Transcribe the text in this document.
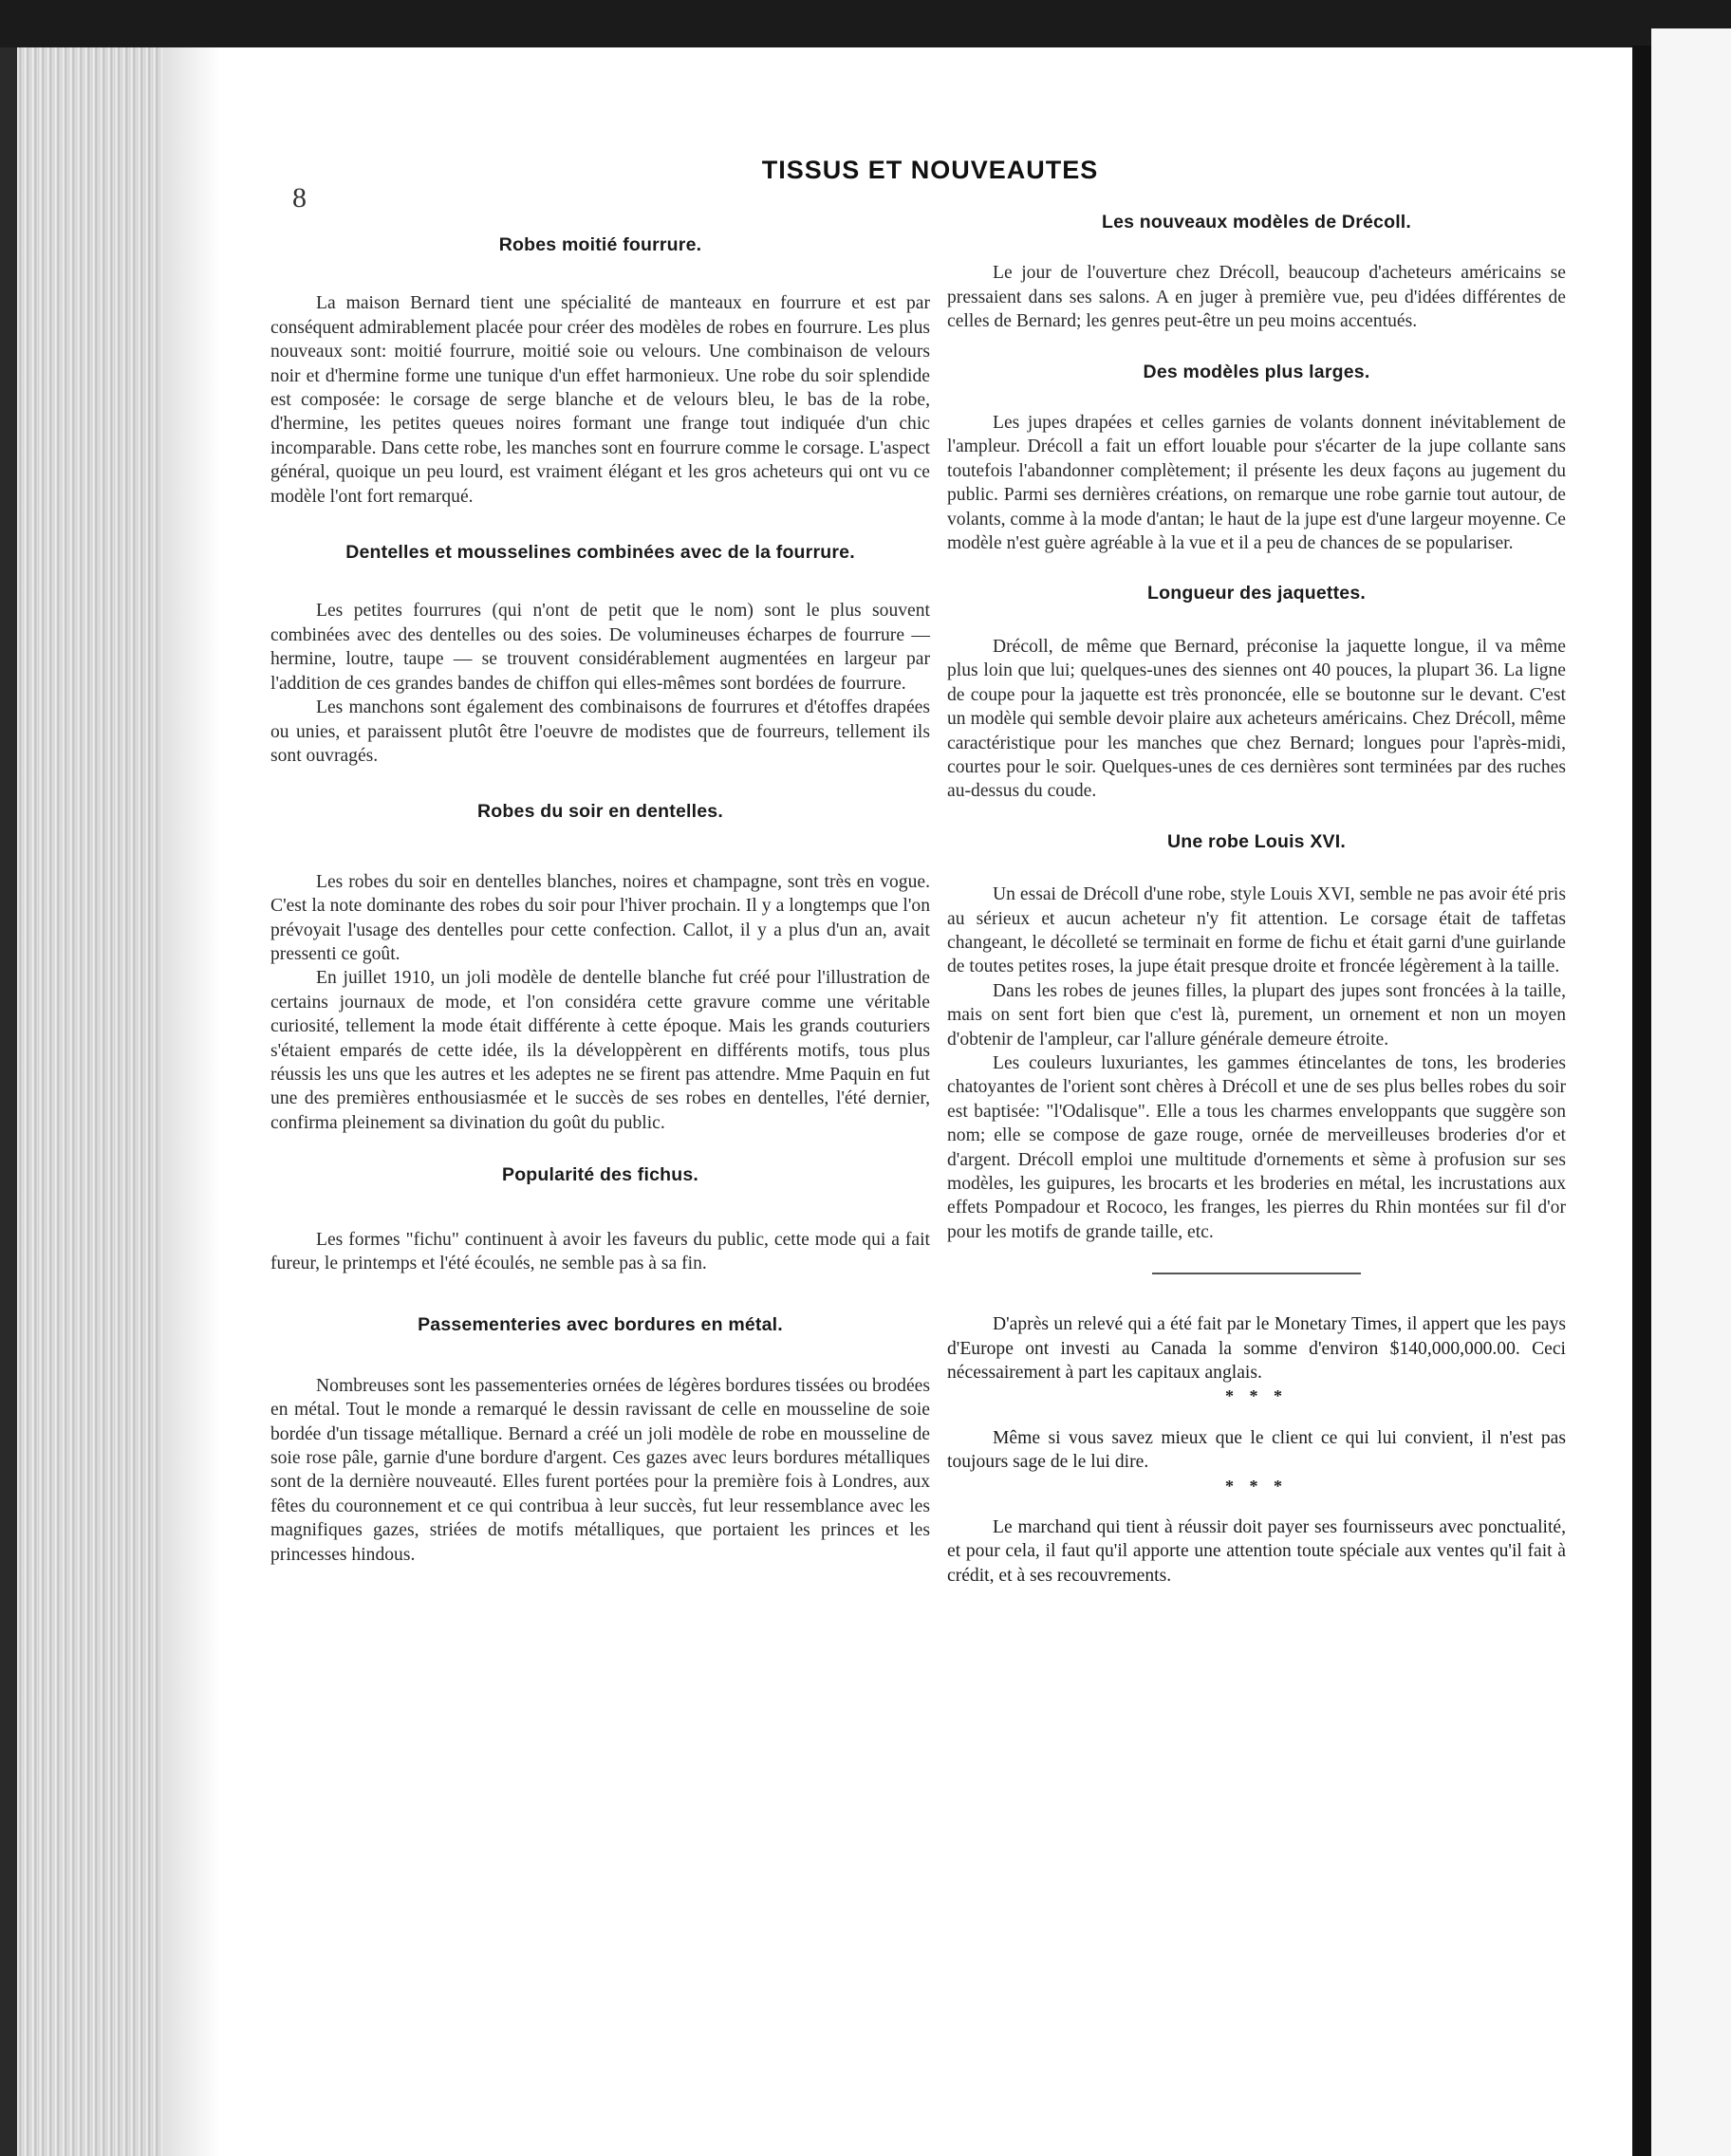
8
TISSUS ET NOUVEAUTES
Robes moitié fourrure.

La maison Bernard tient une spécialité de manteaux en fourrure et est par conséquent admirablement placée pour créer des modèles de robes en fourrure. Les plus nouveaux sont: moitié fourrure, moitié soie ou velours. Une combinaison de velours noir et d'hermine forme une tunique d'un effet harmonieux. Une robe du soir splendide est composée: le corsage de serge blanche et de velours bleu, le bas de la robe, d'hermine, les petites queues noires formant une frange tout indiquée d'un chic incomparable. Dans cette robe, les manches sont en fourrure comme le corsage. L'aspect général, quoique un peu lourd, est vraiment élégant et les gros acheteurs qui ont vu ce modèle l'ont fort remarqué.

Dentelles et mousselines combinées avec de la fourrure.

Les petites fourrures (qui n'ont de petit que le nom) sont le plus souvent combinées avec des dentelles ou des soies. De volumineuses écharpes de fourrure — hermine, loutre, taupe — se trouvent considérablement augmentées en largeur par l'addition de ces grandes bandes de chiffon qui elles-mêmes sont bordées de fourrure.

Les manchons sont également des combinaisons de fourrures et d'étoffes drapées ou unies, et paraissent plutôt être l'oeuvre de modistes que de fourreurs, tellement ils sont ouvragés.

Robes du soir en dentelles.

Les robes du soir en dentelles blanches, noires et champagne, sont très en vogue. C'est la note dominante des robes du soir pour l'hiver prochain. Il y a longtemps que l'on prévoyait l'usage des dentelles pour cette confection. Callot, il y a plus d'un an, avait pressenti ce goût.

En juillet 1910, un joli modèle de dentelle blanche fut créé pour l'illustration de certains journaux de mode, et l'on considéra cette gravure comme une véritable curiosité, tellement la mode était différente à cette époque. Mais les grands couturiers s'étaient emparés de cette idée, ils la développèrent en différents motifs, tous plus réussis les uns que les autres et les adeptes ne se firent pas attendre. Mme Paquin en fut une des premières enthousiasmée et le succès de ses robes en dentelles, l'été dernier, confirma pleinement sa divination du goût du public.

Popularité des fichus.

Les formes "fichu" continuent à avoir les faveurs du public, cette mode qui a fait fureur, le printemps et l'été écoulés, ne semble pas à sa fin.

Passementeries avec bordures en métal.

Nombreuses sont les passementeries ornées de légères bordures tissées ou brodées en métal. Tout le monde a remarqué le dessin ravissant de celle en mousseline de soie bordée d'un tissage métallique. Bernard a créé un joli modèle de robe en mousseline de soie rose pâle, garnie d'une bordure d'argent. Ces gazes avec leurs bordures métalliques sont de la dernière nouveauté. Elles furent portées pour la première fois à Londres, aux fêtes du couronnement et ce qui contribua à leur succès, fut leur ressemblance avec les magnifiques gazes, striées de motifs métalliques, que portaient les princes et les princesses hindous.

Les nouveaux modèles de Drécoll.

Le jour de l'ouverture chez Drécoll, beaucoup d'acheteurs américains se pressaient dans ses salons. A en juger à première vue, peu d'idées différentes de celles de Bernard; les genres peut-être un peu moins accentués.

Des modèles plus larges.

Les jupes drapées et celles garnies de volants donnent inévitablement de l'ampleur. Drécoll a fait un effort louable pour s'écarter de la jupe collante sans toutefois l'abandonner complètement; il présente les deux façons au jugement du public. Parmi ses dernières créations, on remarque une robe garnie tout autour, de volants, comme à la mode d'antan; le haut de la jupe est d'une largeur moyenne. Ce modèle n'est guère agréable à la vue et il a peu de chances de se populariser.

Longueur des jaquettes.

Drécoll, de même que Bernard, préconise la jaquette longue, il va même plus loin que lui; quelques-unes des siennes ont 40 pouces, la plupart 36. La ligne de coupe pour la jaquette est très prononcée, elle se boutonne sur le devant. C'est un modèle qui semble devoir plaire aux acheteurs américains. Chez Drécoll, même caractéristique pour les manches que chez Bernard; longues pour l'après-midi, courtes pour le soir. Quelques-unes de ces dernières sont terminées par des ruches au-dessus du coude.

Une robe Louis XVI.

Un essai de Drécoll d'une robe, style Louis XVI, semble ne pas avoir été pris au sérieux et aucun acheteur n'y fit attention. Le corsage était de taffetas changeant, le décolleté se terminait en forme de fichu et était garni d'une guirlande de toutes petites roses, la jupe était presque droite et froncée légèrement à la taille.

Dans les robes de jeunes filles, la plupart des jupes sont froncées à la taille, mais on sent fort bien que c'est là, purement, un ornement et non un moyen d'obtenir de l'ampleur, car l'allure générale demeure étroite.

Les couleurs luxuriantes, les gammes étincelantes de tons, les broderies chatoyantes de l'orient sont chères à Drécoll et une de ses plus belles robes du soir est baptisée: "l'Odalisque". Elle a tous les charmes enveloppants que suggère son nom; elle se compose de gaze rouge, ornée de merveilleuses broderies d'or et d'argent. Drécoll emploi une multitude d'ornements et sème à profusion sur ses modèles, les guipures, les brocarts et les broderies en métal, les incrustations aux effets Pompadour et Rococo, les franges, les pierres du Rhin montées sur fil d'or pour les motifs de grande taille, etc.

D'après un relevé qui a été fait par le Monetary Times, il appert que les pays d'Europe ont investi au Canada la somme d'environ $140,000,000.00. Ceci nécessairement à part les capitaux anglais.

* * *

Même si vous savez mieux que le client ce qui lui convient, il n'est pas toujours sage de le lui dire.

* * *

Le marchand qui tient à réussir doit payer ses fournisseurs avec ponctualité, et pour cela, il faut qu'il apporte une attention toute spéciale aux ventes qu'il fait à crédit, et à ses recouvrements.
